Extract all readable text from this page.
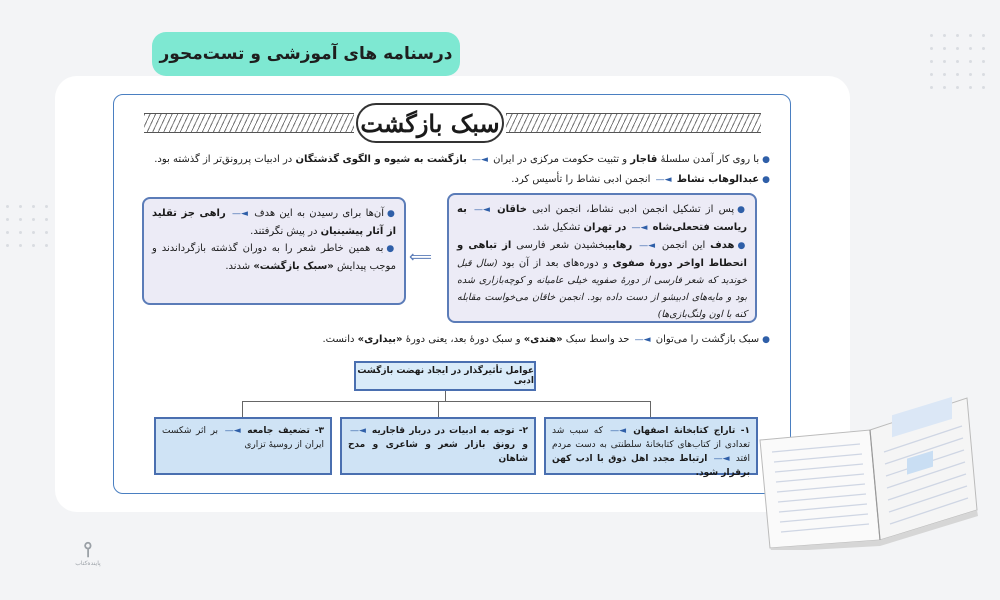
درسنامه های آموزشی و تست‌محور
سبک بازگشت
●با روی کار آمدن سلسلهٔ قاجار و تثبیت حکومت مرکزی در ایران ◄— بازگشت به شیوه و الگوی گذشتگان در ادبیات پررونق‌تر از گذشته بود.
●عبدالوهاب نشاط ◄— انجمن ادبی نشاط را تأسیس کرد.
●پس از تشکیل انجمن ادبی نشاط، انجمن ادبی خاقان ◄— به ریاست فتحعلی‌شاه ◄— در تهران تشکیل شد.
●هدف این انجمن ◄— رهاییبخشیدن شعر فارسی از تباهی و انحطاط اواخر دورهٔ صفوی و دوره‌های بعد از آن بود (سال قبل خوندید که شعر فارسی از دورهٔ صفویه خیلی عامیانه و کوچه‌بازاری شده بود و مایه‌های ادبیشو از دست داده بود. انجمن خاقان می‌خواست مقابله کنه با اون ولنگ‌بازی‌ها)
⟸
●آن‌ها برای رسیدن به این هدف ◄— راهی جز تقلید از آثار پیشینیان در پیش نگرفتند.
●به همین خاطر شعر را به دوران گذشته بازگرداندند و موجب پیدایش «سبک بازگشت» شدند.
●سبک بازگشت را می‌توان ◄— حد واسط سبک «هندی» و سبک دورهٔ بعد، یعنی دورهٔ «بیداری» دانست.
عوامل تأثیرگذار در ایجاد نهضت بازگشت ادبی
۱- تاراج کتابخانهٔ اصفهان ◄— که سبب شد تعدادی از کتاب‌های کتابخانهٔ سلطنتی به دست مردم افتد ◄— ارتباط مجدد اهل ذوق با ادب کهن برقرار شود.
۲- توجه به ادبیات در دربار قاجاریه ◄— و رونق بازار شعر و شاعری و مدح شاهان
۳- تضعیف جامعه ◄— بر اثر شکست ایران از روسیهٔ تزاری
⫯
پاینده‌کتاب
